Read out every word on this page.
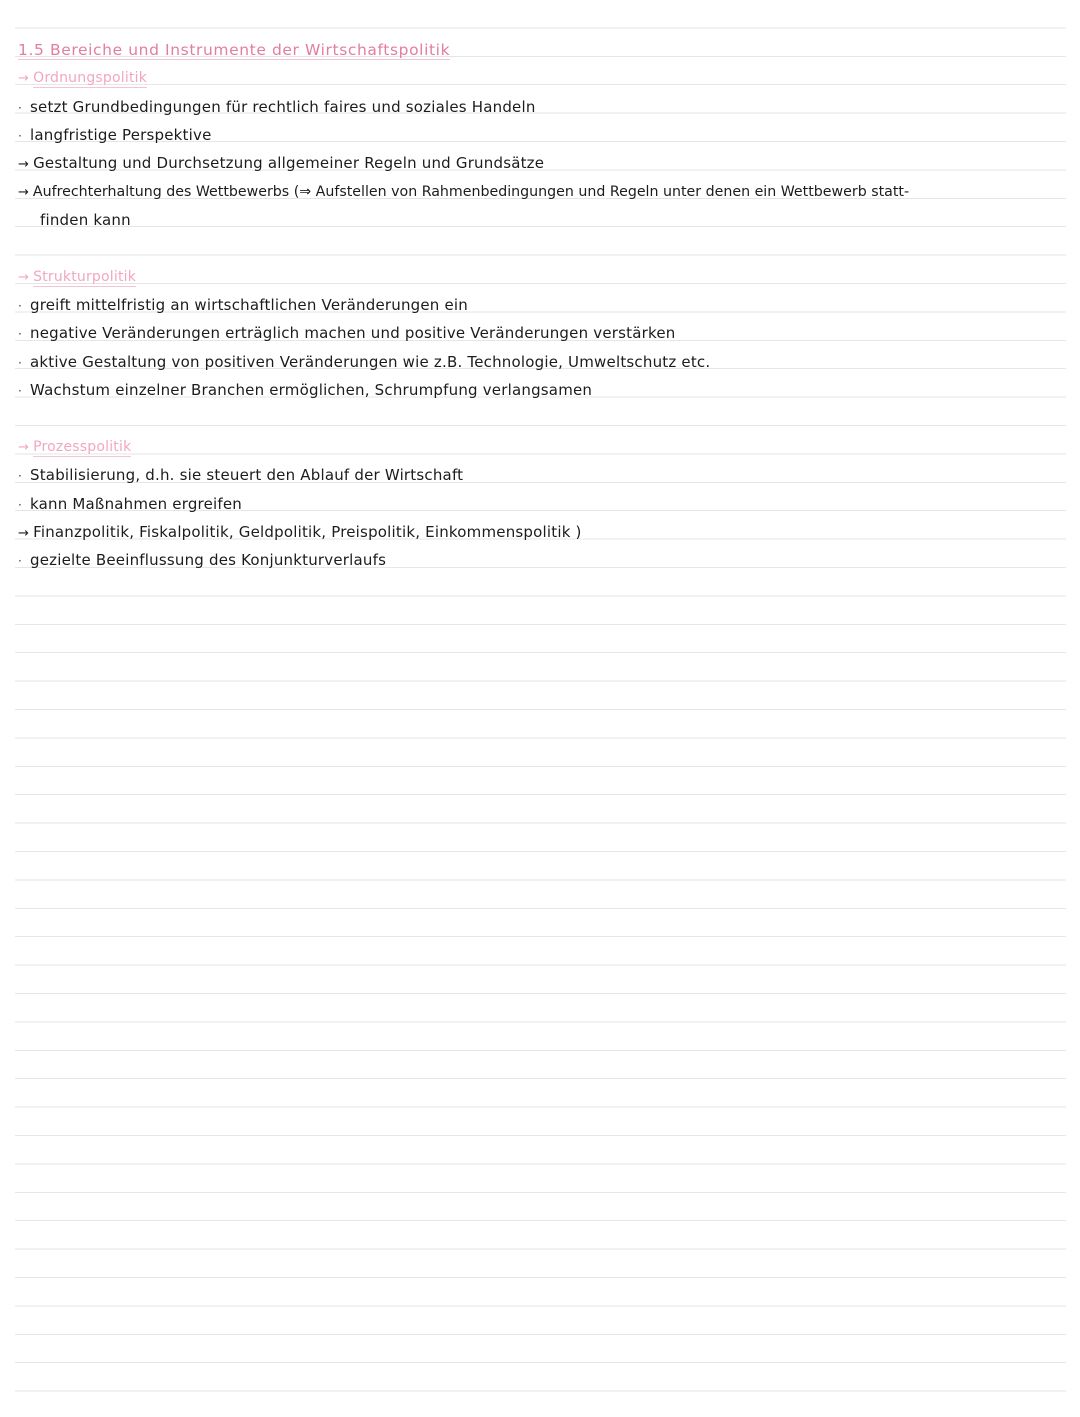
1.5 Bereiche und Instrumente der Wirtschaftspolitik
→ Ordnungspolitik
· setzt Grundbedingungen für rechtlich faires und soziales Handeln
· langfristige Perspektive
→ Gestaltung und Durchsetzung allgemeiner Regeln und Grundsätze
→ Aufrechterhaltung des Wettbewerbs (⇒ Aufstellen von Rahmenbedingungen und Regeln unter denen ein Wettbewerb statt-
finden kann
→ Strukturpolitik
· greift mittelfristig an wirtschaftlichen Veränderungen ein
· negative Veränderungen erträglich machen und positive Veränderungen verstärken
· aktive Gestaltung von positiven Veränderungen wie z.B. Technologie, Umweltschutz etc.
· Wachstum einzelner Branchen ermöglichen, Schrumpfung verlangsamen
→ Prozesspolitik
· Stabilisierung, d.h. sie steuert den Ablauf der Wirtschaft
· kann Maßnahmen ergreifen
→ Finanzpolitik, Fiskalpolitik, Geldpolitik, Preispolitik, Einkommenspolitik )
· gezielte Beeinflussung des Konjunkturverlaufs
